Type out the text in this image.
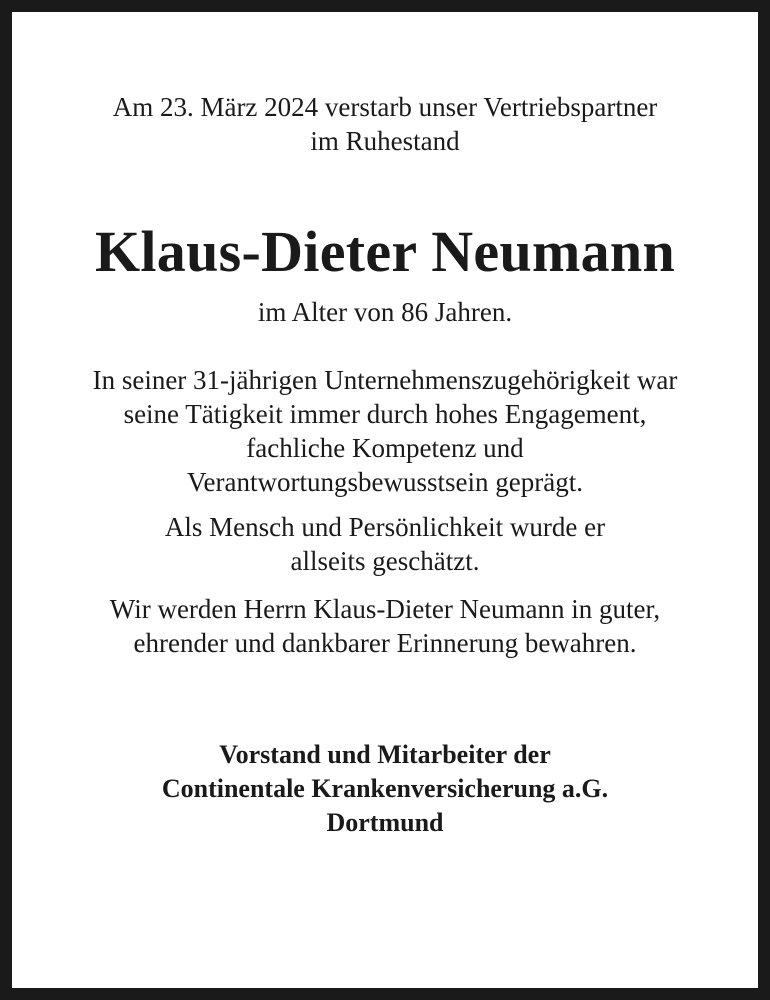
Am 23. März 2024 verstarb unser Vertriebspartner
im Ruhestand
Klaus-Dieter Neumann
im Alter von 86 Jahren.
In seiner 31-jährigen Unternehmenszugehörigkeit war
seine Tätigkeit immer durch hohes Engagement,
fachliche Kompetenz und
Verantwortungsbewusstsein geprägt.
Als Mensch und Persönlichkeit wurde er
allseits geschätzt.
Wir werden Herrn Klaus-Dieter Neumann in guter,
ehrender und dankbarer Erinnerung bewahren.
Vorstand und Mitarbeiter der
Continentale Krankenversicherung a.G.
Dortmund
